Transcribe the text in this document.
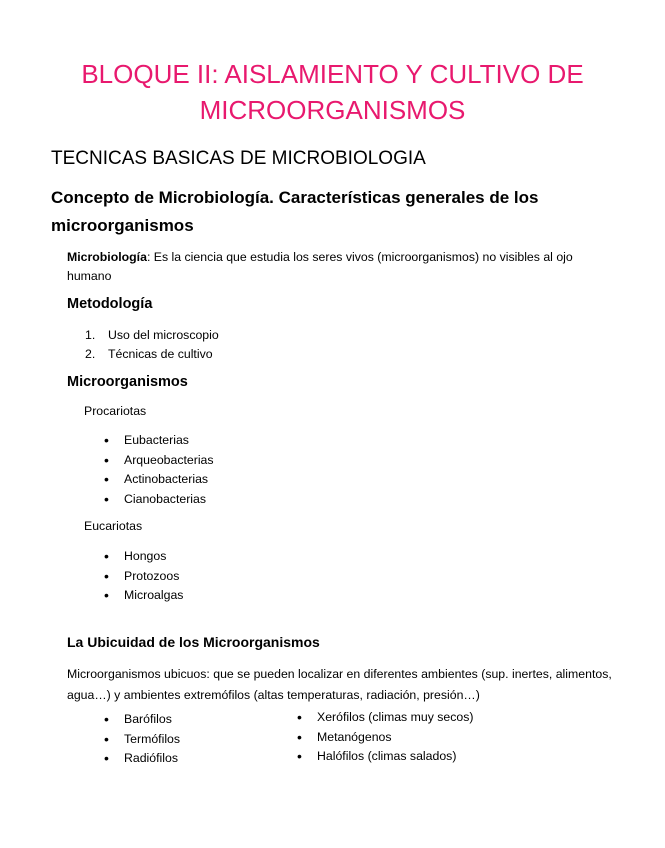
BLOQUE II: AISLAMIENTO Y CULTIVO DE MICROORGANISMOS
TECNICAS BASICAS DE MICROBIOLOGIA
Concepto de Microbiología. Características generales de los microorganismos
Microbiología: Es la ciencia que estudia los seres vivos (microorganismos) no visibles al ojo humano
Metodología
1. Uso del microscopio
2. Técnicas de cultivo
Microorganismos
Procariotas
•	Eubacterias
•	Arqueobacterias
•	Actinobacterias
•	Cianobacterias
Eucariotas
•	Hongos
•	Protozoos
•	Microalgas
La Ubicuidad de los Microorganismos
Microorganismos ubicuos: que se pueden localizar en diferentes ambientes (sup. inertes, alimentos, agua…) y ambientes extremófilos (altas temperaturas, radiación, presión…)
•	Barófilos
•	Termófilos
•	Radiófilos
•	Xerófilos (climas muy secos)
•	Metanógenos
•	Halófilos (climas salados)
